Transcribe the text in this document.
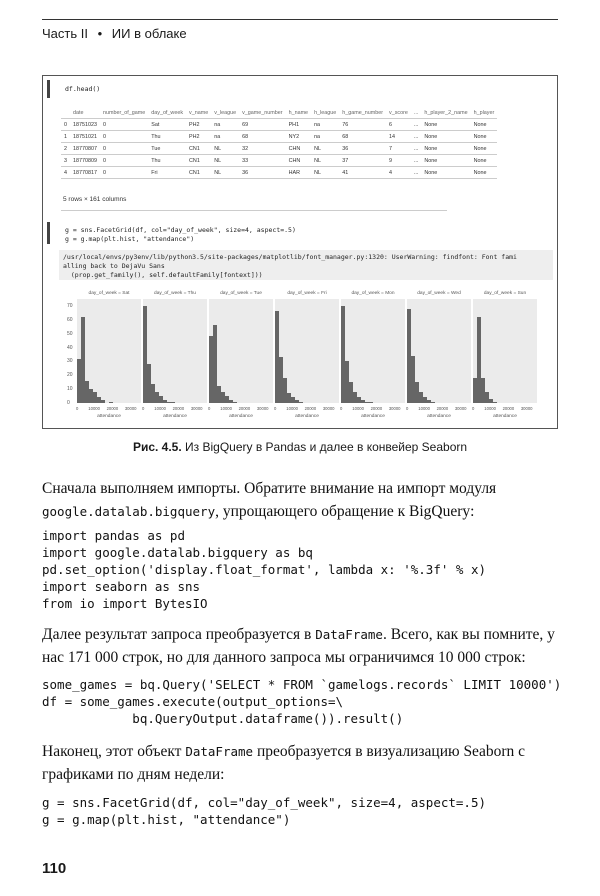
Часть II • ИИ в облаке
df.head()
	date	number_of_game	day_of_week	v_name	v_league	v_game_number	h_name	h_league	h_game_number	v_score	...	h_player_2_name	h_player
0	18751023	0	Sat	PH2	na	69	PH1	na	76	6	...	None	None
1	18751021	0	Thu	PH2	na	68	NY2	na	68	14	...	None	None
2	18770807	0	Tue	CN1	NL	32	CHN	NL	36	7	...	None	None
3	18770809	0	Thu	CN1	NL	33	CHN	NL	37	9	...	None	None
4	18770817	0	Fri	CN1	NL	36	HAR	NL	41	4	...	None	None
5 rows × 161 columns
g = sns.FacetGrid(df, col="day_of_week", size=4, aspect=.5)
g = g.map(plt.hist, "attendance")
/usr/local/envs/py3env/lib/python3.5/site-packages/matplotlib/font_manager.py:1320: UserWarning: findfont: Font fami
alling back to DejaVu Sans
(prop.get_family(), self.defaultFamily[fontext]))
70
60
50
40
30
20
10
0
day_of_week = Sat
0 10000 20000 30000
attendance
day_of_week = Thu
0 10000 20000 30000
attendance
day_of_week = Tue
0 10000 20000 30000
attendance
day_of_week = Fri
0 10000 20000 30000
attendance
day_of_week = Mon
0 10000 20000 30000
attendance
day_of_week = Wed
0 10000 20000 30000
attendance
day_of_week = Sun
0 10000 20000 30000
attendance
Рис. 4.5. Из BigQuery в Pandas и далее в конвейер Seaborn
Сначала выполняем импорты. Обратите внимание на импорт модуля google.datalab.bigquery, упрощающего обращение к BigQuery:
import pandas as pd
import google.datalab.bigquery as bq
pd.set_option('display.float_format', lambda x: '%.3f' % x)
import seaborn as sns
from io import BytesIO
Далее результат запроса преобразуется в DataFrame. Всего, как вы помните, у нас 171 000 строк, но для данного запроса мы ограничимся 10 000 строк:
some_games = bq.Query('SELECT * FROM `gamelogs.records` LIMIT 10000')
df = some_games.execute(output_options=\
bq.QueryOutput.dataframe()).result()
Наконец, этот объект DataFrame преобразуется в визуализацию Seaborn с графиками по дням недели:
g = sns.FacetGrid(df, col="day_of_week", size=4, aspect=.5)
g = g.map(plt.hist, "attendance")
110
